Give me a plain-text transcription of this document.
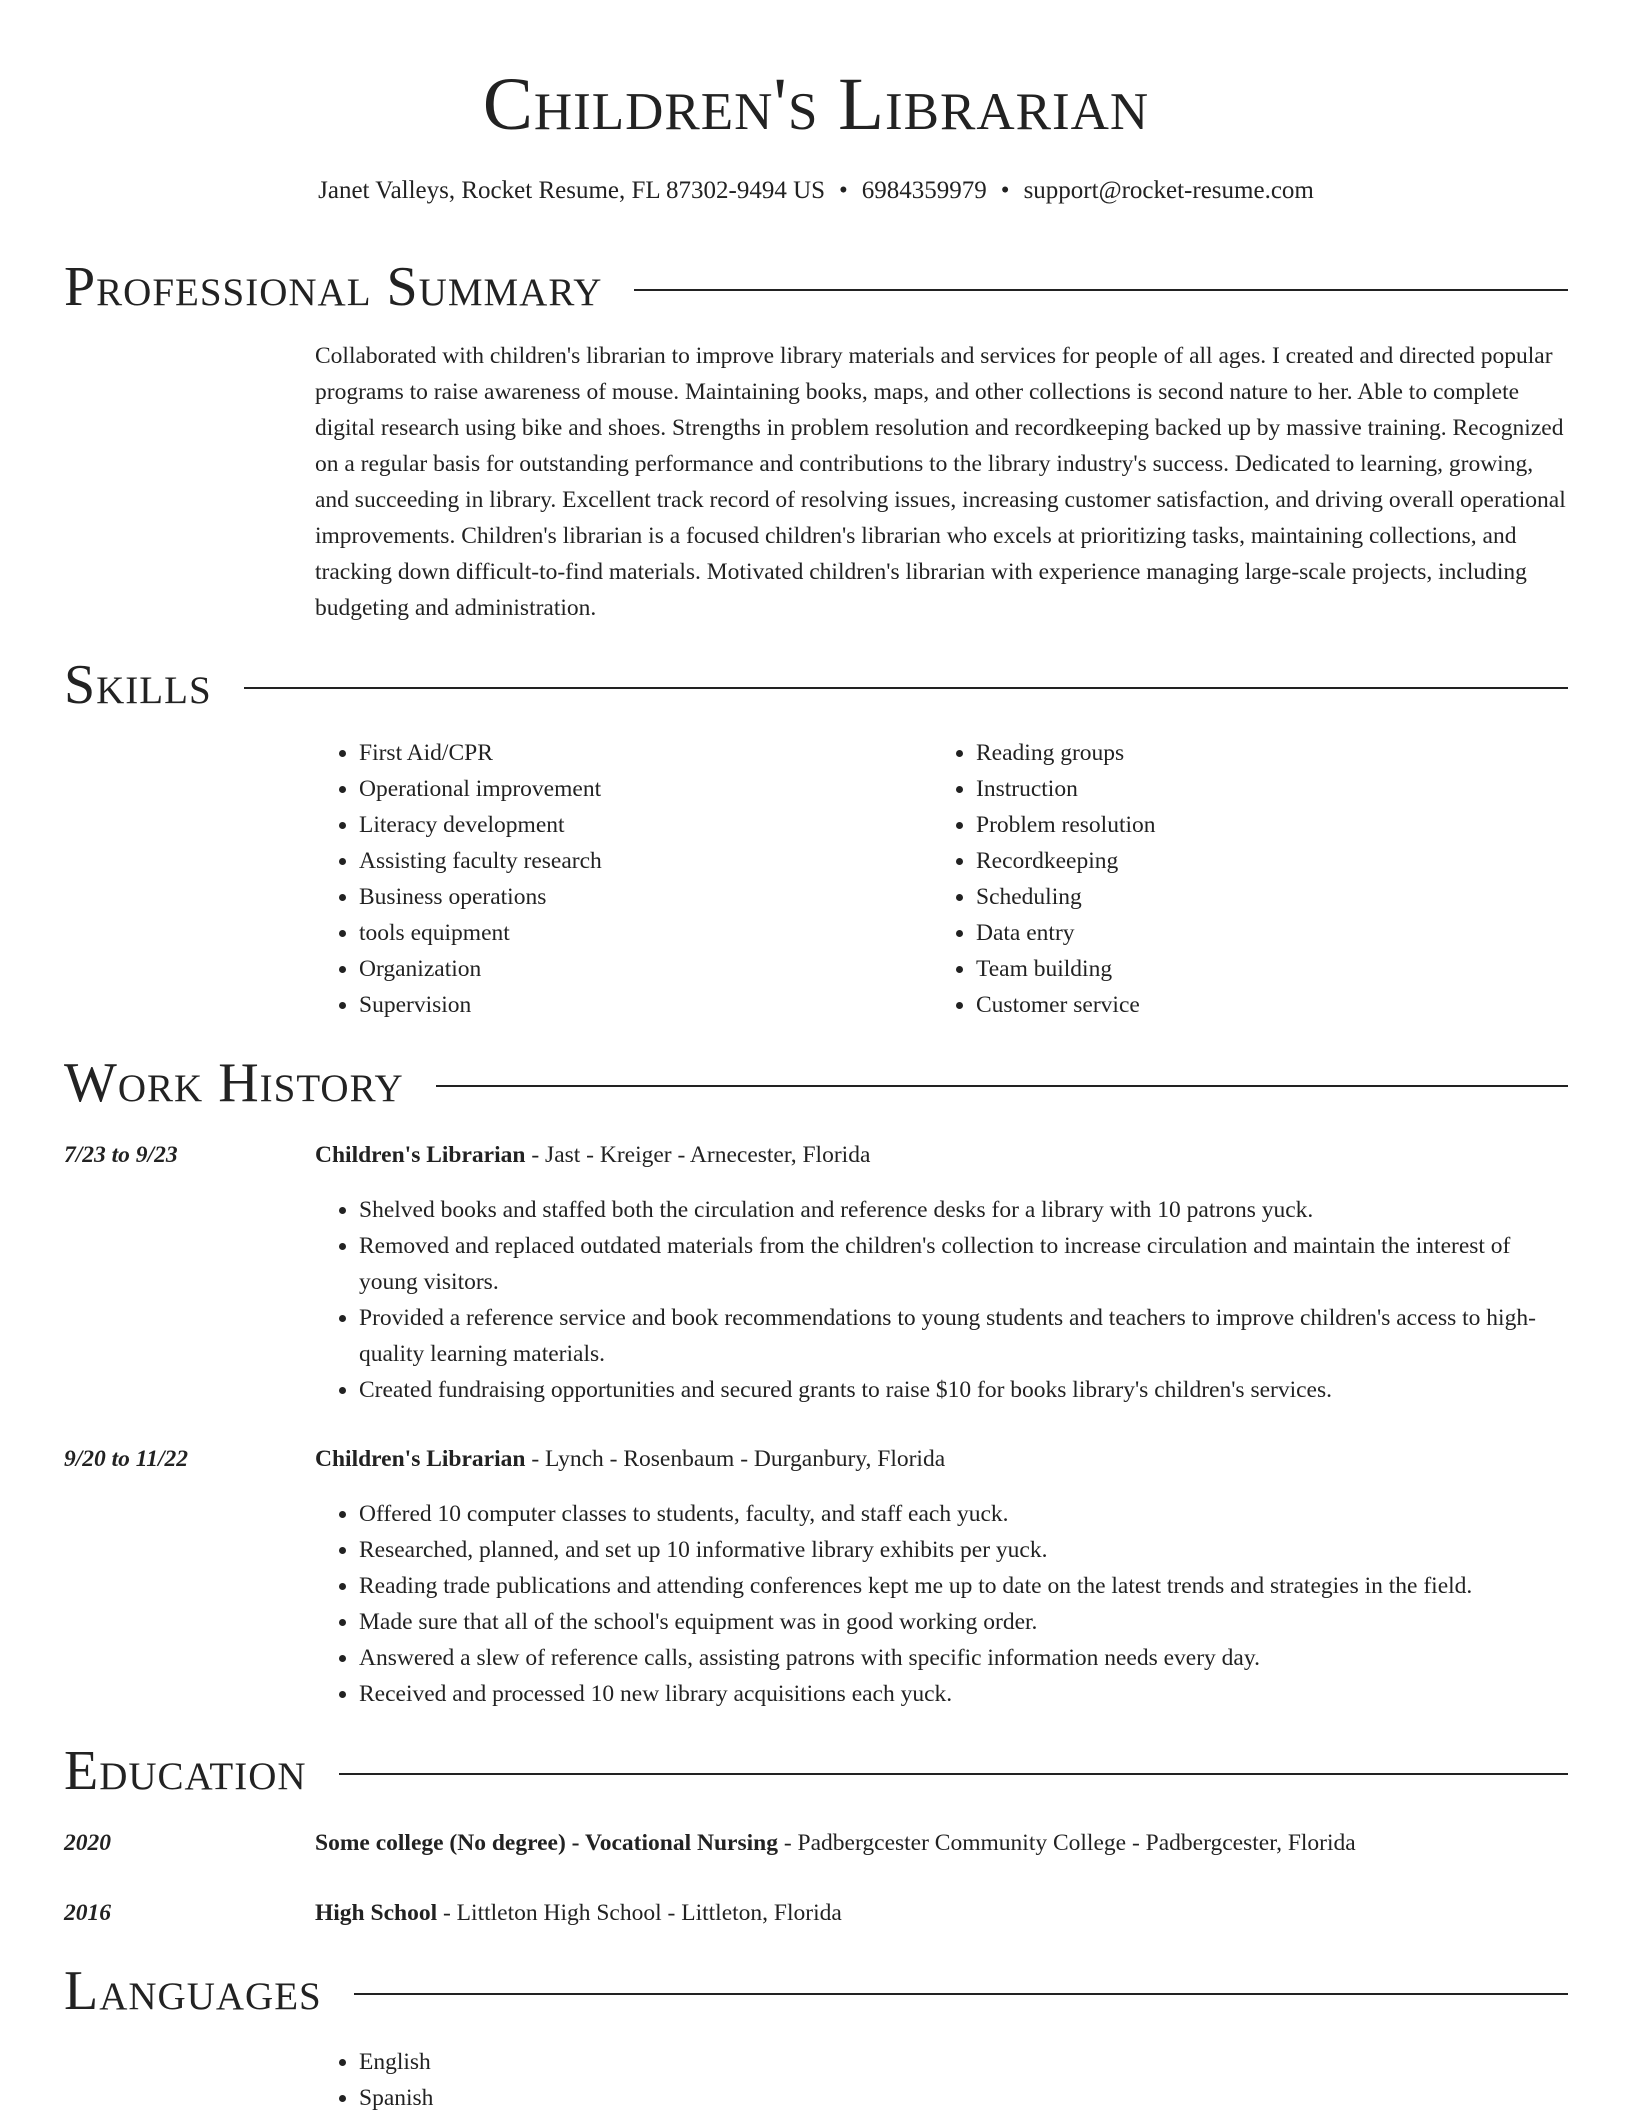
Children's Librarian
Janet Valleys, Rocket Resume, FL 87302-9494 US • 6984359979 • support@rocket-resume.com
Professional Summary

Collaborated with children's librarian to improve library materials and services for people of all ages. I created and directed popular programs to raise awareness of mouse. Maintaining books, maps, and other collections is second nature to her. Able to complete digital research using bike and shoes. Strengths in problem resolution and recordkeeping backed up by massive training. Recognized on a regular basis for outstanding performance and contributions to the library industry's success. Dedicated to learning, growing, and succeeding in library. Excellent track record of resolving issues, increasing customer satisfaction, and driving overall operational improvements. Children's librarian is a focused children's librarian who excels at prioritizing tasks, maintaining collections, and tracking down difficult-to-find materials. Motivated children's librarian with experience managing large-scale projects, including budgeting and administration.

Skills
• First Aid/CPR
• Operational improvement
• Literacy development
• Assisting faculty research
• Business operations
• tools equipment
• Organization
• Supervision
• Reading groups
• Instruction
• Problem resolution
• Recordkeeping
• Scheduling
• Data entry
• Team building
• Customer service
Work History
7/23 to 9/23	Children's Librarian - Jast - Kreiger - Arnecester, Florida
• Shelved books and staffed both the circulation and reference desks for a library with 10 patrons yuck.
• Removed and replaced outdated materials from the children's collection to increase circulation and maintain the interest of young visitors.
• Provided a reference service and book recommendations to young students and teachers to improve children's access to high-quality learning materials.
• Created fundraising opportunities and secured grants to raise $10 for books library's children's services.
9/20 to 11/22	Children's Librarian - Lynch - Rosenbaum - Durganbury, Florida
• Offered 10 computer classes to students, faculty, and staff each yuck.
• Researched, planned, and set up 10 informative library exhibits per yuck.
• Reading trade publications and attending conferences kept me up to date on the latest trends and strategies in the field.
• Made sure that all of the school's equipment was in good working order.
• Answered a slew of reference calls, assisting patrons with specific information needs every day.
• Received and processed 10 new library acquisitions each yuck.
Education
2020	Some college (No degree) - Vocational Nursing - Padbergcester Community College - Padbergcester, Florida
2016	High School - Littleton High School - Littleton, Florida
Languages
• English
• Spanish
